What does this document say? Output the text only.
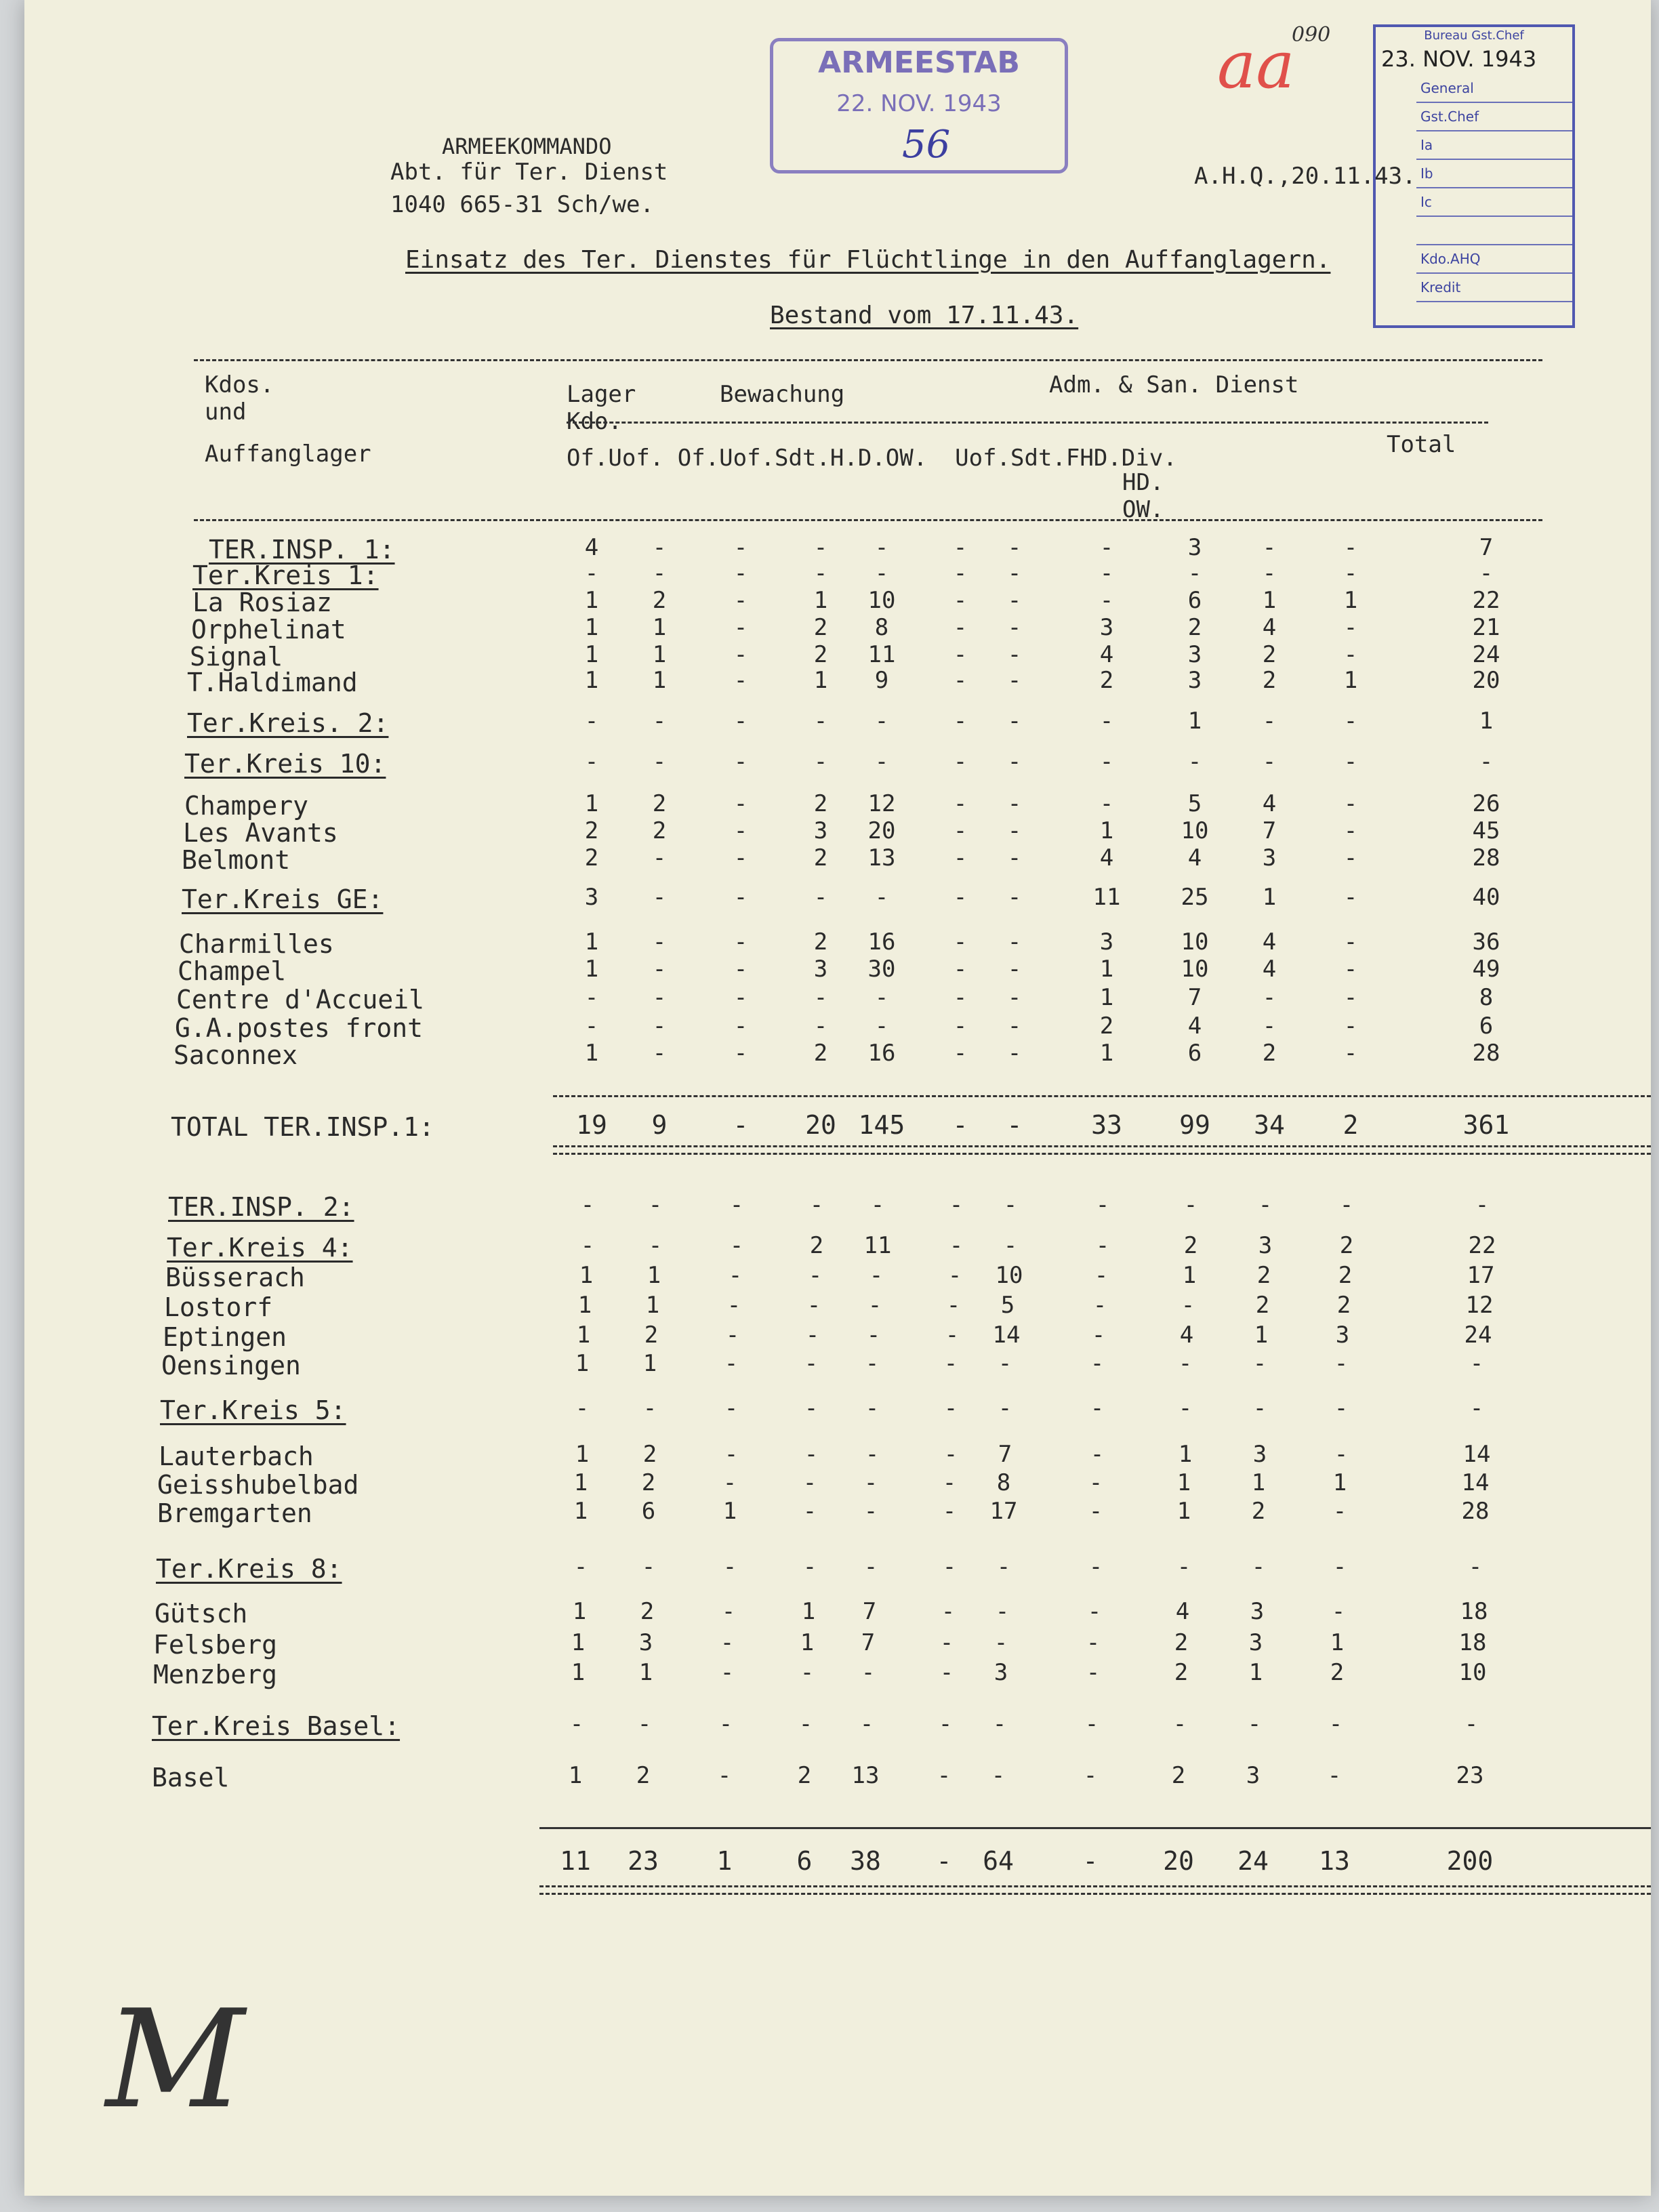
ARMEESTAB
22. NOV. 1943
56
090
aa	Bureau Gst.Chef
23. NOV. 1943
General
Gst.Chef
Ia
Ib
Ic
Kdo.AHQ
Kredit
ARMEEKOMMANDO
Abt. für Ter. Dienst
1040 665-31 Sch/we.
A.H.Q.,20.11.43.
Einsatz des Ter. Dienstes für Flüchtlinge in den Auffanglagern.
Bestand vom 17.11.43.
Kdos.
und
Auffanglager
Lager
Kdo.
Bewachung	Adm. & San. Dienst
Total
Of.Uof. Of.Uof.Sdt.H.D.OW.  Uof.Sdt.FHD.Div.
HD.
OW.
TER.INSP. 1:	4	-	-	-	-	-	-	-	3	-	-	7
Ter.Kreis 1:	-	-	-	-	-	-	-	-	-	-	-	-
La Rosiaz	1	2	-	1	10	-	-	-	6	1	1	22
Orphelinat	1	1	-	2	8	-	-	3	2	4	-	21
Signal	1	1	-	2	11	-	-	4	3	2	-	24
T.Haldimand	1	1	-	1	9	-	-	2	3	2	1	20
Ter.Kreis. 2:	-	-	-	-	-	-	-	-	1	-	-	1
Ter.Kreis 10:	-	-	-	-	-	-	-	-	-	-	-	-
Champery	1	2	-	2	12	-	-	-	5	4	-	26
Les Avants	2	2	-	3	20	-	-	1	10	7	-	45
Belmont	2	-	-	2	13	-	-	4	4	3	-	28
Ter.Kreis GE:	3	-	-	-	-	-	-	11	25	1	-	40
Charmilles	1	-	-	2	16	-	-	3	10	4	-	36
Champel	1	-	-	3	30	-	-	1	10	4	-	49
Centre d'Accueil	-	-	-	-	-	-	-	1	7	-	-	8
G.A.postes front	-	-	-	-	-	-	-	2	4	-	-	6
Saconnex	1	-	-	2	16	-	-	1	6	2	-	28
TOTAL TER.INSP.1:	19	9	-	20 145	-	-	33	99	34	2	361
TER.INSP. 2:	-	-	-	-	-	-	-	-	-	-	-	-
Ter.Kreis 4:	-	-	-	2	11	-	-	-	2	3	2	22
Büsserach	1	1	-	-	-	-	10	-	1	2	2	17
Lostorf	1	1	-	-	-	-	5	-	-	2	2	12
Eptingen	1	2	-	-	-	-	14	-	4	1	3	24
Oensingen	1	1	-	-	-	-	-	-	-	-	-	-
Ter.Kreis 5:	-	-	-	-	-	-	-	-	-	-	-	-
Lauterbach	1	2	-	-	-	-	7	-	1	3	-	14
Geisshubelbad	1	2	-	-	-	-	8	-	1	1	1	14
Bremgarten	1	6	1	-	-	-	17	-	1	2	-	28
Ter.Kreis 8:	-	-	-	-	-	-	-	-	-	-	-	-
Gütsch	1	2	-	1	7	-	-	-	4	3	-	18
Felsberg	1	3	-	1	7	-	-	-	2	3	1	18
Menzberg	1	1	-	-	-	-	3	-	2	1	2	10
Ter.Kreis Basel:	-	-	-	-	-	-	-	-	-	-	-	-
Basel	1	2	-	2	13	-	-	-	2	3	-	23
11	23	1	6	38	-	64	-	20	24	13	200
M
